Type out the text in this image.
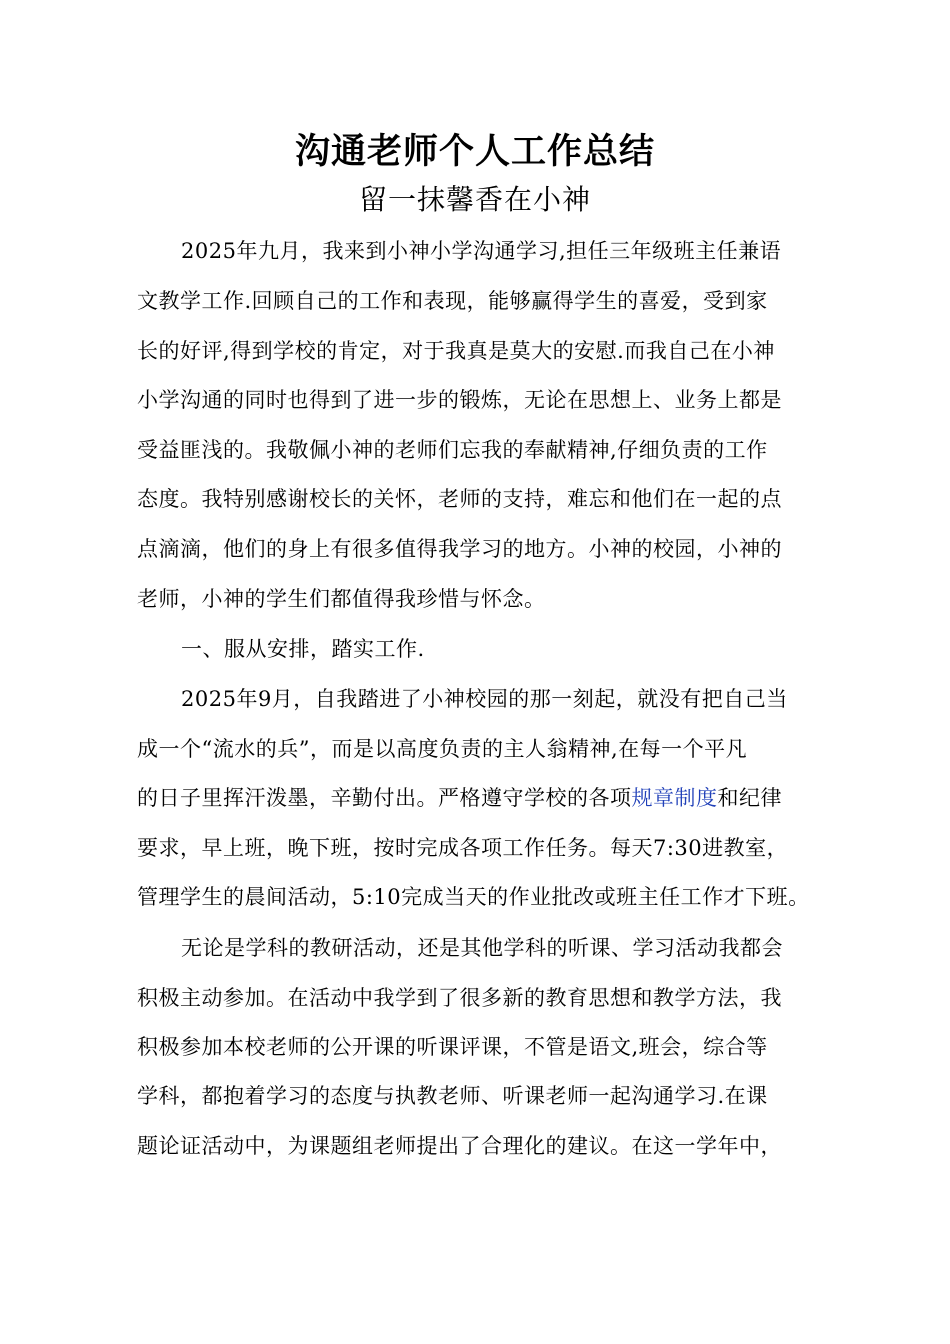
沟通老师个人工作总结
留一抹馨香在小神
2025年九月，我来到小神小学沟通学习,担任三年级班主任兼语
文教学工作.回顾自己的工作和表现，能够赢得学生的喜爱，受到家
长的好评,得到学校的肯定，对于我真是莫大的安慰.而我自己在小神
小学沟通的同时也得到了进一步的锻炼，无论在思想上、业务上都是
受益匪浅的。我敬佩小神的老师们忘我的奉献精神,仔细负责的工作
态度。我特别感谢校长的关怀，老师的支持，难忘和他们在一起的点
点滴滴，他们的身上有很多值得我学习的地方。小神的校园，小神的
老师，小神的学生们都值得我珍惜与怀念。
一、服从安排，踏实工作.
2025年9月，自我踏进了小神校园的那一刻起，就没有把自己当
成一个“流水的兵”，而是以高度负责的主人翁精神,在每一个平凡
的日子里挥汗泼墨，辛勤付出。严格遵守学校的各项规章制度和纪律
要求，早上班，晚下班，按时完成各项工作任务。每天7:30进教室，
管理学生的晨间活动，5:10完成当天的作业批改或班主任工作才下班。
无论是学科的教研活动，还是其他学科的听课、学习活动我都会
积极主动参加。在活动中我学到了很多新的教育思想和教学方法，我
积极参加本校老师的公开课的听课评课，不管是语文,班会，综合等
学科，都抱着学习的态度与执教老师、听课老师一起沟通学习.在课
题论证活动中，为课题组老师提出了合理化的建议。在这一学年中，
